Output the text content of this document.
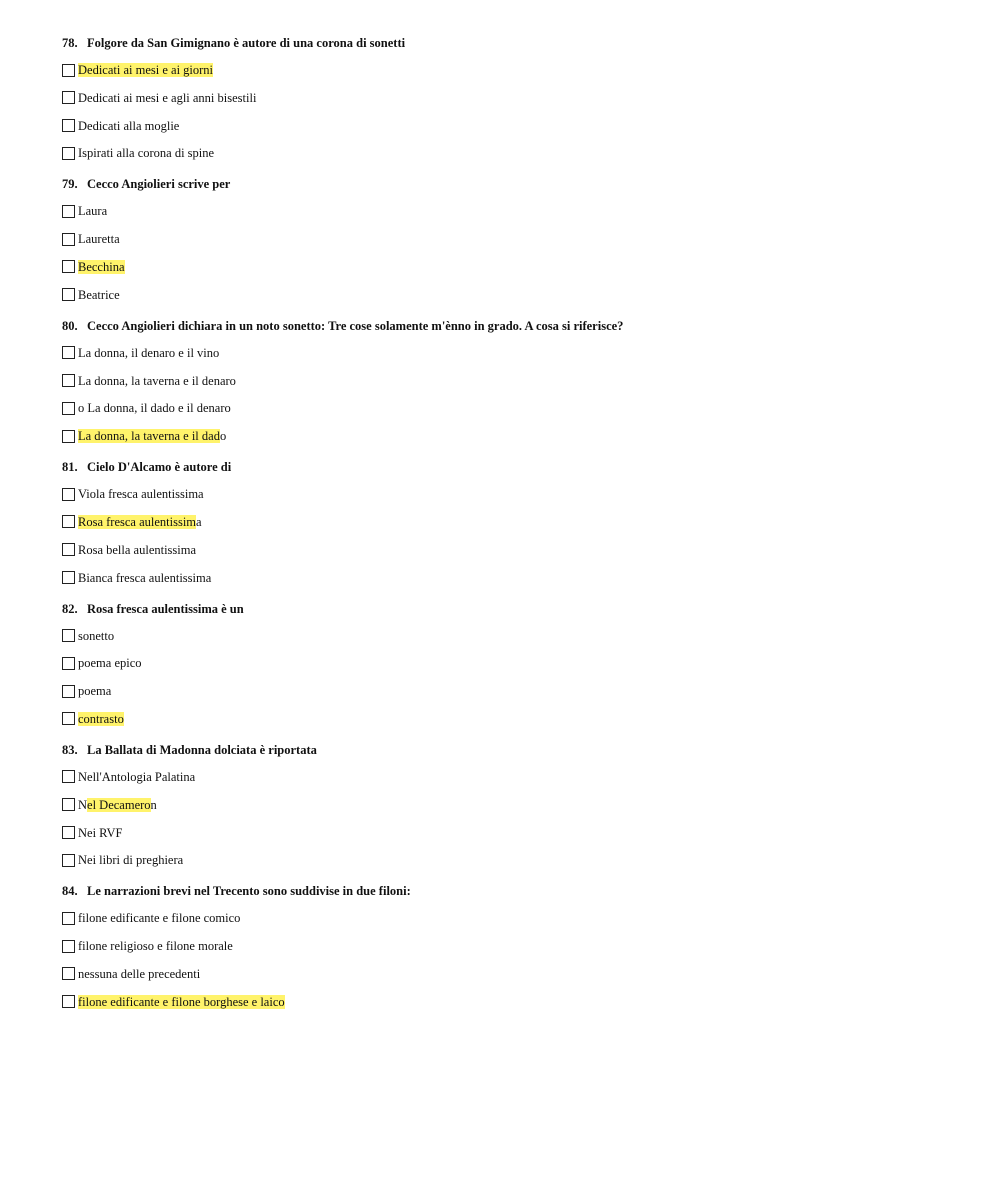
78. Folgore da San Gimignano è autore di una corona di sonetti
Dedicati ai mesi e ai giorni
Dedicati ai mesi e agli anni bisestili
Dedicati alla moglie
Ispirati alla corona di spine
79. Cecco Angiolieri scrive per
Laura
Lauretta
Becchina
Beatrice
80. Cecco Angiolieri dichiara in un noto sonetto: Tre cose solamente m'ènno in grado. A cosa si riferisce?
La donna, il denaro e il vino
La donna, la taverna e il denaro
o La donna, il dado e il denaro
La donna, la taverna e il dado
81. Cielo D'Alcamo è autore di
Viola fresca aulentissima
Rosa fresca aulentissima
Rosa bella aulentissima
Bianca fresca aulentissima
82. Rosa fresca aulentissima è un
sonetto
poema epico
poema
contrasto
83. La Ballata di Madonna dolciata è riportata
Nell'Antologia Palatina
Nel Decameron
Nei RVF
Nei libri di preghiera
84. Le narrazioni brevi nel Trecento sono suddivise in due filoni:
filone edificante e filone comico
filone religioso e filone morale
nessuna delle precedenti
filone edificante e filone borghese e laico
